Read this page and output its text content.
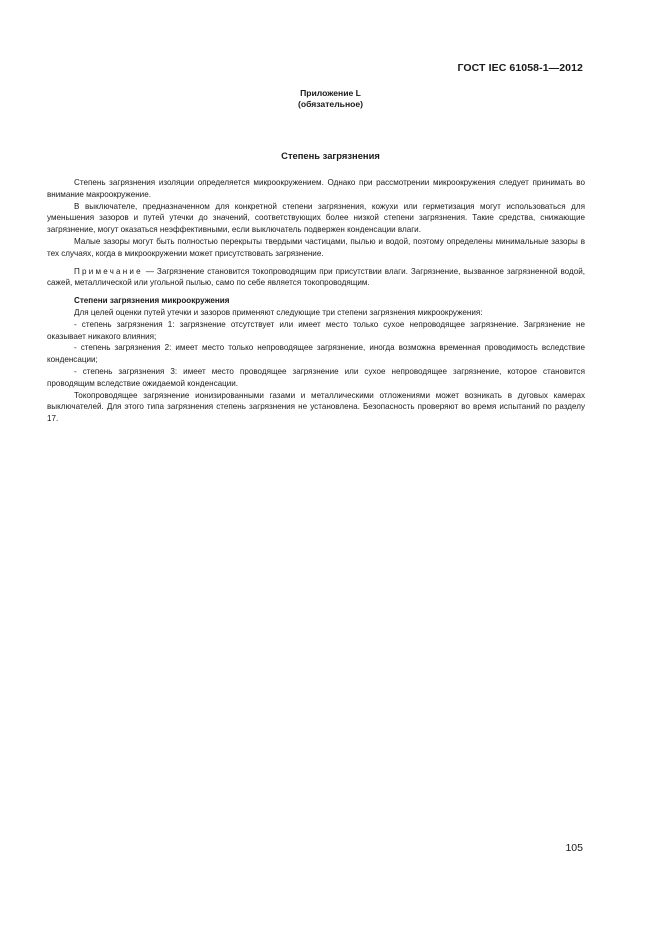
ГОСТ IEC 61058-1—2012
Приложение L
(обязательное)
Степень загрязнения

Степень загрязнения изоляции определяется микроокружением. Однако при рассмотрении микроокружения следует принимать во внимание макроокружение.

В выключателе, предназначенном для конкретной степени загрязнения, кожухи или герметизация могут использоваться для уменьшения зазоров и путей утечки до значений, соответствующих более низкой степени загрязнения. Такие средства, снижающие загрязнение, могут оказаться неэффективными, если выключатель подвержен конденсации влаги.

Малые зазоры могут быть полностью перекрыты твердыми частицами, пылью и водой, поэтому определены минимальные зазоры в тех случаях, когда в микроокружении может присутствовать загрязнение.

Примечание — Загрязнение становится токопроводящим при присутствии влаги. Загрязнение, вызванное загрязненной водой, сажей, металлической или угольной пылью, само по себе является токопроводящим.

Степени загрязнения микроокружения

Для целей оценки путей утечки и зазоров применяют следующие три степени загрязнения микроокружения:

- степень загрязнения 1: загрязнение отсутствует или имеет место только сухое непроводящее загрязнение. Загрязнение не оказывает никакого влияния;

- степень загрязнения 2: имеет место только непроводящее загрязнение, иногда возможна временная проводимость вследствие конденсации;

- степень загрязнения 3: имеет место проводящее загрязнение или сухое непроводящее загрязнение, которое становится проводящим вследствие ожидаемой конденсации.

Токопроводящее загрязнение ионизированными газами и металлическими отложениями может возникать в дуговых камерах выключателей. Для этого типа загрязнения степень загрязнения не установлена. Безопасность проверяют во время испытаний по разделу 17.

105
